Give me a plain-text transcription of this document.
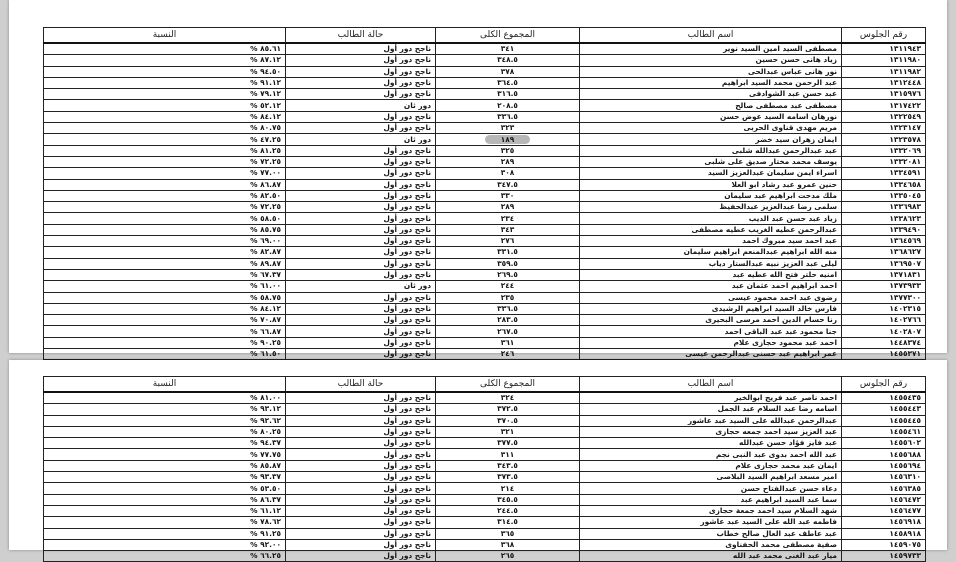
رقم الجلوس	اسم الطالب	المجموع الكلى	حالة الطالب	النسبة
١٣١١٩٤٣	مصطفى السيد امين السيد نوير	٣٤١	ناجح دور أول	٨٥.٦١ %
١٣١١٩٨٠	زياد هانى حسن حسين	٣٤٨.٥	ناجح دور أول	٨٧.١٢ %
١٣١١٩٨٢	نور هانى عباس عبدالحى	٣٧٨	ناجح دور أول	٩٤.٥٠ %
١٣١٢٤٤٨	عبد الرحمن محمد السيد ابراهيم	٣٦٤.٥	ناجح دور أول	٩١.١٢ %
١٣١٥٩٧٦	عبد حسن عبد الشوادفى	٣١٦.٥	ناجح دور أول	٧٩.١٢ %
١٣١٧٤٢٢	مصطفى عبد مصطفى صالح	٢٠٨.٥	دور ثان	٥٢.١٢ %
١٣٢٢٥٤٩	نورهان اسامه السيد عوض حسن	٣٣٦.٥	ناجح دور أول	٨٤.١٢ %
١٣٢٣١٤٧	مريم مهدى قناوى الحربى	٣٢٣	ناجح دور أول	٨٠.٧٥ %
١٣٢٣٥٧٨	ايمان زهران سيد خضر	١٨٩	دور ثان	٤٧.٢٥ %
١٣٣٢٠٦٩	عبد عبدالرحمن عبدالله شلبى	٣٢٥	ناجح دور أول	٨١.٢٥ %
١٣٣٢٠٨١	يوسف محمد مختار صديق على شلبى	٢٨٩	ناجح دور أول	٧٢.٢٥ %
١٣٣٤٥٩١	اسراء ايمن سليمان عبدالعزيز السيد	٣٠٨	ناجح دور أول	٧٧.٠٠ %
١٣٣٤٦٥٨	حنين عمرو عبد رشاد ابو العلا	٣٤٧.٥	ناجح دور أول	٨٦.٨٧ %
١٣٣٥٠٤٥	ملك مدحت ابراهيم عبد سليمان	٣٣٠	ناجح دور أول	٨٢.٥٠ %
١٣٣٦٩٨٣	سلمى رضا عبدالعزيز عبدالحفيظ	٢٨٩	ناجح دور أول	٧٢.٢٥ %
١٣٣٨٦٢٣	زياد عبد حسن عبد الديب	٢٣٤	ناجح دور أول	٥٨.٥٠ %
١٣٣٩٤٩٠	عبدالرحمن عطيه الغريب عطيه مصطفى	٣٤٣	ناجح دور أول	٨٥.٧٥ %
١٣٦٤٥٦٩	عبد احمد سيد مبروك احمد	٢٧٦	ناجح دور أول	٦٩.٠٠ %
١٣٦٨٦٢٧	منه الله ابراهيم عبدالمنعم ابراهيم سليمان	٣٣١.٥	ناجح دور أول	٨٢.٨٧ %
١٣٦٩٥٠٧	ليلى عبد العزيز نبيه عبدالستار دياب	٣٥٩.٥	ناجح دور أول	٨٩.٨٧ %
١٣٧١٨٣١	امنيه حلتر فتح الله عطيه عبد	٢٦٩.٥	ناجح دور أول	٦٧.٣٧ %
١٣٧٣٩٣٣	احمد ابراهيم احمد عثمان عبد	٢٤٤	دور ثان	٦١.٠٠ %
١٣٧٧٣٠٠	رضوى عبد احمد محمود عيسى	٢٣٥	ناجح دور أول	٥٨.٧٥ %
١٤٠٢٣١٥	فارس خالد السيد ابراهيم الرشيدى	٣٣٦.٥	ناجح دور أول	٨٤.١٢ %
١٤٠٢٧٦٦	رنا حسام الدين احمد مرسى البحيرى	٢٨٣.٥	ناجح دور أول	٧٠.٨٧ %
١٤٠٢٨٠٧	جنا محمود عبد عبد الباقى احمد	٢٦٧.٥	ناجح دور أول	٦٦.٨٧ %
١٤٤٨٣٧٤	احمد عبد محمود حجازى علام	٣٦١	ناجح دور أول	٩٠.٢٥ %
١٤٥٥٣٧١	عمر ابراهيم عبد حسنى عبدالرحمن عيسى	٢٤٦	ناجح دور أول	٦١.٥٠ %

رقم الجلوس	اسم الطالب	المجموع الكلى	حالة الطالب	النسبة
١٤٥٥٤٣٥	احمد ناصر عبد فريج ابوالخير	٣٢٤	ناجح دور أول	٨١.٠٠ %
١٤٥٥٤٤٣	اسامه رضا عبد السلام عبد الجمل	٣٧٢.٥	ناجح دور أول	٩٣.١٢ %
١٤٥٥٤٤٥	عبدالرحمن عبدالله على السيد عبد عاشور	٣٧٠.٥	ناجح دور أول	٩٢.٦٢ %
١٤٥٥٤٦١	عبد العزيز سيد احمد جمعه حجازى	٣٢١	ناجح دور أول	٨٠.٢٥ %
١٤٥٥٦٠٢	عبد فايز فؤاد حسن عبدالله	٣٧٧.٥	ناجح دور أول	٩٤.٣٧ %
١٤٥٥٦٨٨	عبد الله احمد بدوى عبد النبى نجم	٣١١	ناجح دور أول	٧٧.٧٥ %
١٤٥٥٦٩٤	ايمان عبد محمد حجازى علام	٣٤٣.٥	ناجح دور أول	٨٥.٨٧ %
١٤٥٦٣١٠	امير مسعد ابراهيم السيد البلاصى	٣٧٣.٥	ناجح دور أول	٩٣.٣٧ %
١٤٥٦٣٨٥	دعاء حسن عبدالفتاح حسن	٢١٤	ناجح دور أول	٥٣.٥٠ %
١٤٥٦٤٧٢	سما عبد السيد ابراهيم عبد	٣٤٥.٥	ناجح دور أول	٨٦.٣٧ %
١٤٥٦٤٧٧	شهد السلام سيد احمد جمعة حجازى	٢٤٤.٥	ناجح دور أول	٦١.١٢ %
١٤٥٦٩١٨	فاطمه عبد الله على السيد عبد عاشور	٣١٤.٥	ناجح دور أول	٧٨.٦٢ %
١٤٥٨٩١٨	عبد عاطف عبد العال صالح خطاب	٣٦٥	ناجح دور أول	٩١.٢٥ %
١٤٥٩٠٧٥	صفية مصطفى محمد الحفناوى	٣٦٨	ناجح دور أول	٩٢.٠٠ %
١٤٥٩٧٣٣	ميار عبد الغنى محمد عبد الله	٢٦٥	ناجح دور أول	٦٦.٢٥ %
